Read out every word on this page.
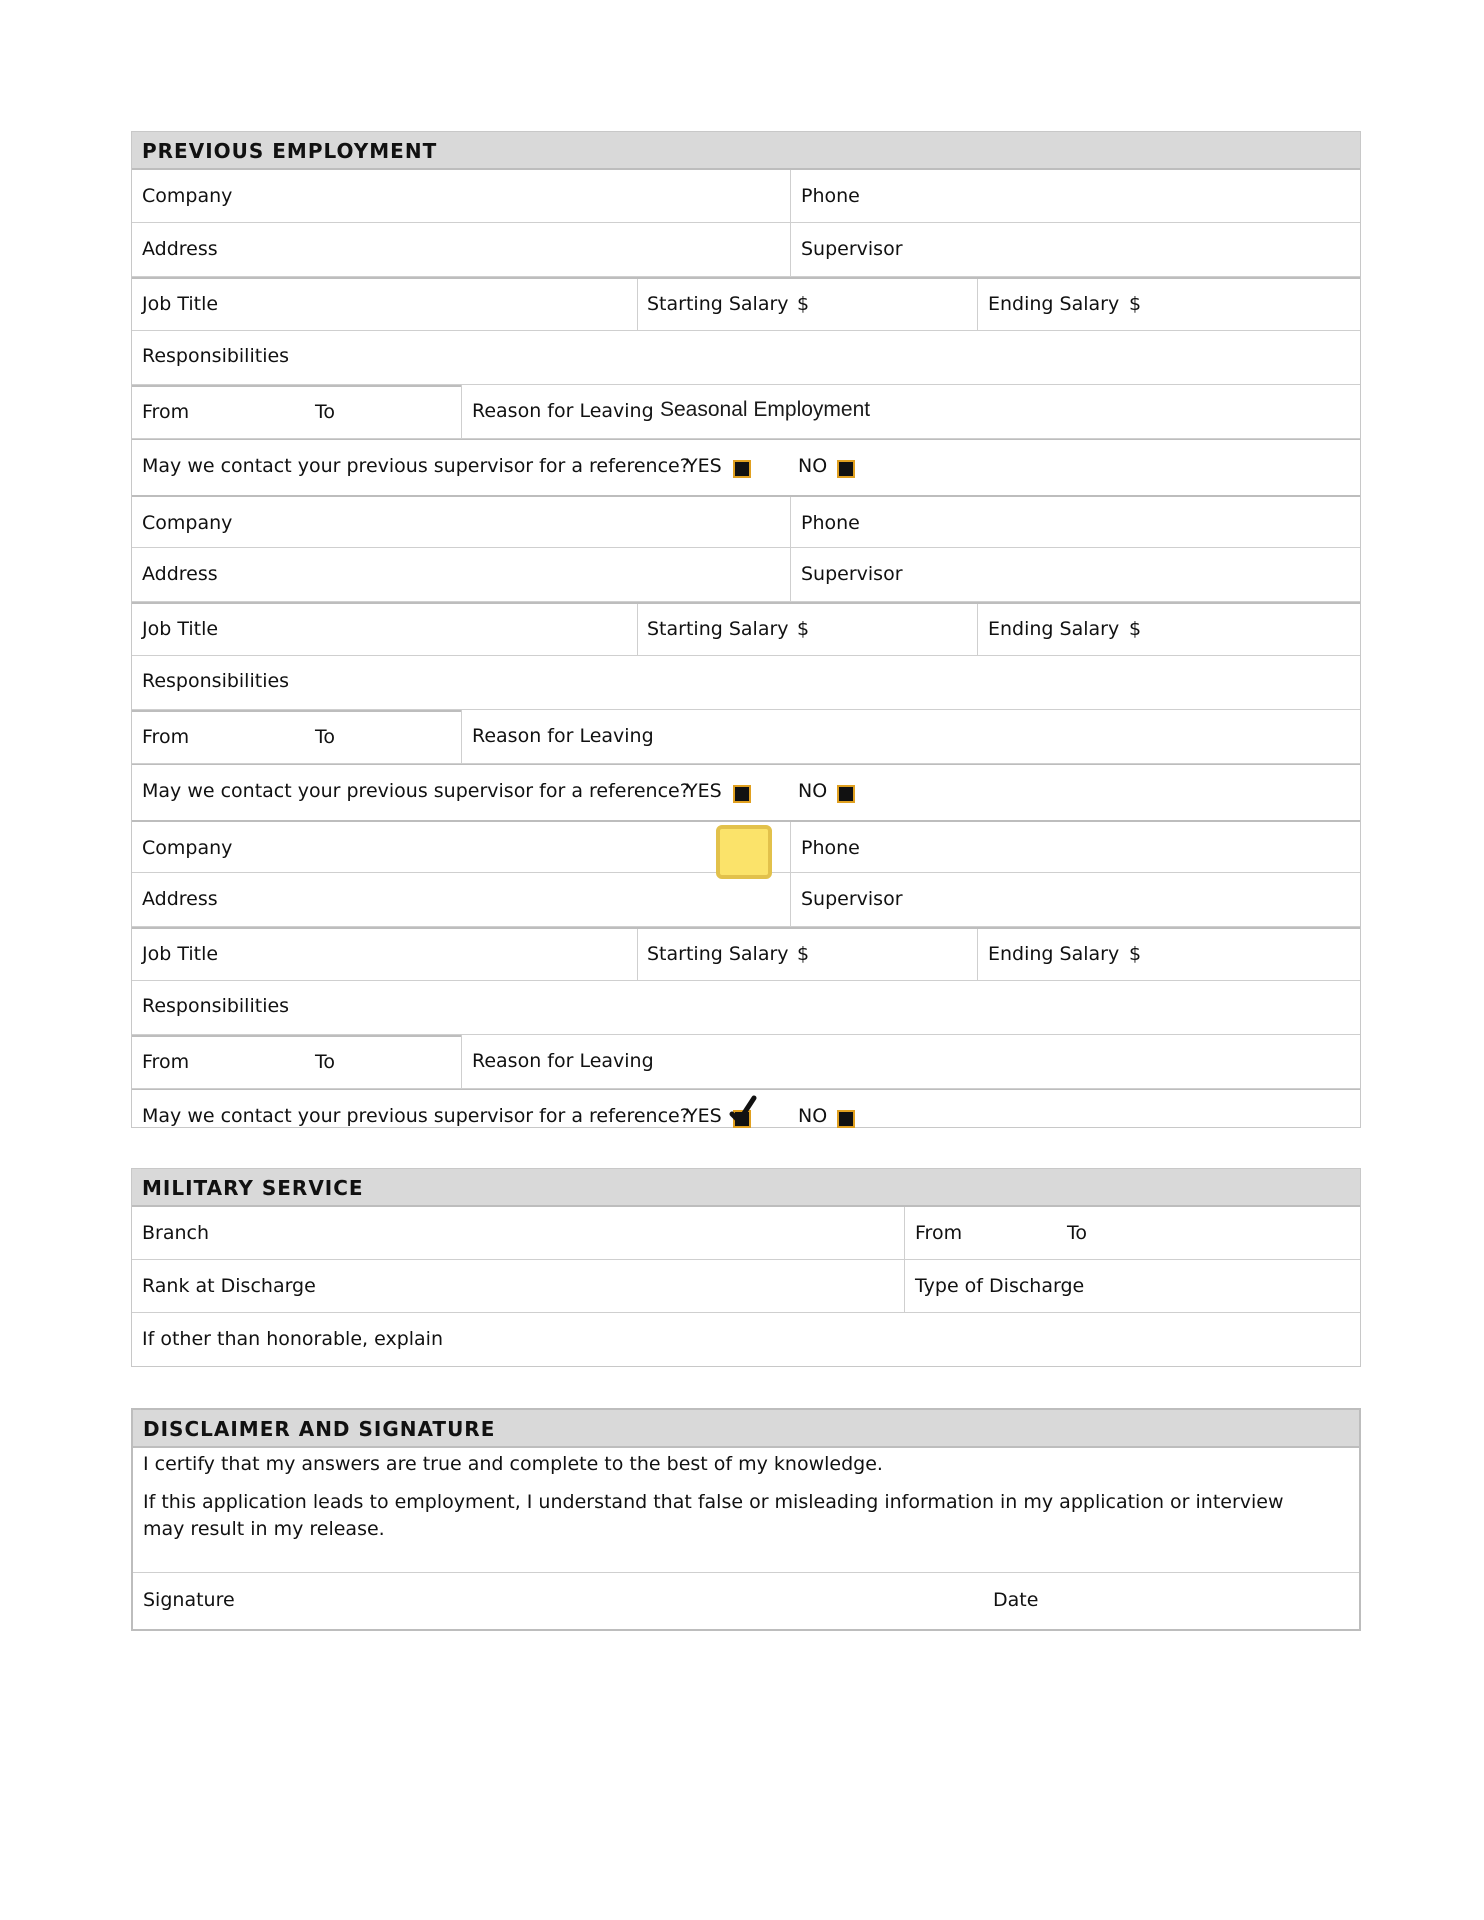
PREVIOUS EMPLOYMENT
Company	Phone
Address	Supervisor
Job Title	Starting Salary $	Ending Salary $
Responsibilities
From	To	Reason for Leaving Seasonal Employment
May we contact your previous supervisor for a reference?
YES	NO
Company	Phone
Address	Supervisor
Job Title	Starting Salary $	Ending Salary $
Responsibilities
From	To	Reason for Leaving
May we contact your previous supervisor for a reference?
YES	NO
Company	Phone
Address	Supervisor
Job Title	Starting Salary $	Ending Salary $
Responsibilities
From	To	Reason for Leaving
May we contact your previous supervisor for a reference?
YES	NO
MILITARY SERVICE
Branch	From	To
Rank at Discharge	Type of Discharge
If other than honorable, explain
DISCLAIMER AND SIGNATURE
I certify that my answers are true and complete to the best of my knowledge.
If this application leads to employment, I understand that false or misleading information in my application or interview
may result in my release.
Signature	Date
